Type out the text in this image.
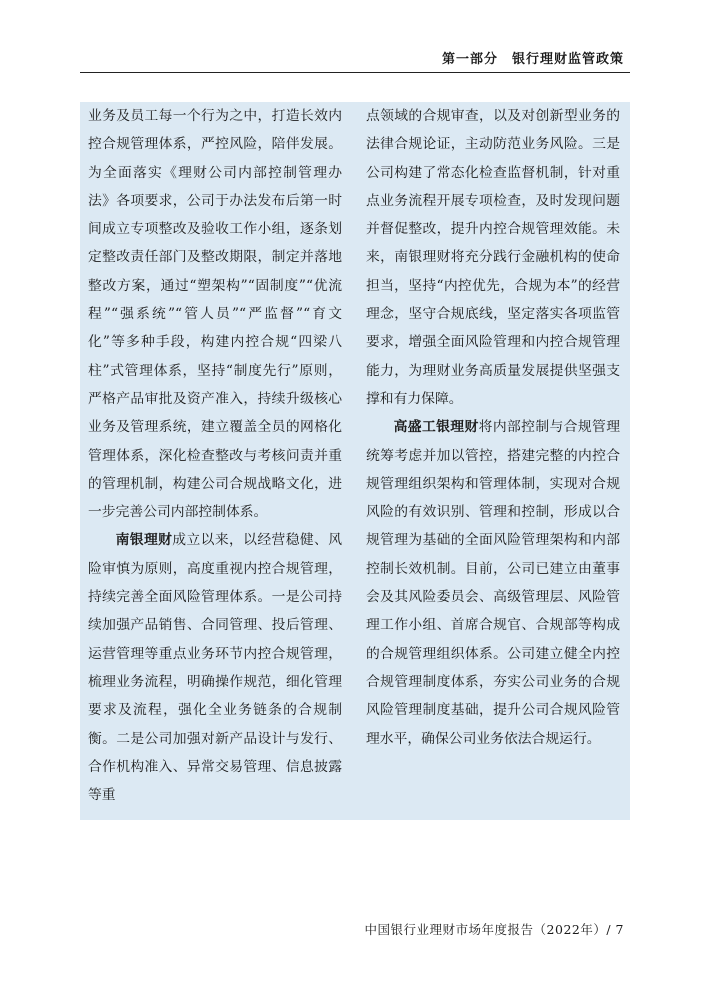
第一部分　银行理财监管政策

业务及员工每一个行为之中，打造长效内控合规管理体系，严控风险，陪伴发展。为全面落实《理财公司内部控制管理办法》各项要求，公司于办法发布后第一时间成立专项整改及验收工作小组，逐条划定整改责任部门及整改期限，制定并落地整改方案，通过“塑架构”“固制度”“优流程”“强系统”“管人员”“严监督”“育文化”等多种手段，构建内控合规“四梁八柱”式管理体系，坚持“制度先行”原则，严格产品审批及资产准入，持续升级核心业务及管理系统，建立覆盖全员的网格化管理体系，深化检查整改与考核问责并重的管理机制，构建公司合规战略文化，进一步完善公司内部控制体系。

南银理财成立以来，以经营稳健、风险审慎为原则，高度重视内控合规管理，持续完善全面风险管理体系。一是公司持续加强产品销售、合同管理、投后管理、运营管理等重点业务环节内控合规管理，梳理业务流程，明确操作规范，细化管理要求及流程，强化全业务链条的合规制衡。二是公司加强对新产品设计与发行、合作机构准入、异常交易管理、信息披露等重

点领域的合规审查，以及对创新型业务的法律合规论证，主动防范业务风险。三是公司构建了常态化检查监督机制，针对重点业务流程开展专项检查，及时发现问题并督促整改，提升内控合规管理效能。未来，南银理财将充分践行金融机构的使命担当，坚持“内控优先，合规为本”的经营理念，坚守合规底线，坚定落实各项监管要求，增强全面风险管理和内控合规管理能力，为理财业务高质量发展提供坚强支撑和有力保障。

高盛工银理财将内部控制与合规管理统筹考虑并加以管控，搭建完整的内控合规管理组织架构和管理体制，实现对合规风险的有效识别、管理和控制，形成以合规管理为基础的全面风险管理架构和内部控制长效机制。目前，公司已建立由董事会及其风险委员会、高级管理层、风险管理工作小组、首席合规官、合规部等构成的合规管理组织体系。公司建立健全内控合规管理制度体系，夯实公司业务的合规风险管理制度基础，提升公司合规风险管理水平，确保公司业务依法合规运行。

中国银行业理财市场年度报告（2022年）/ 7
